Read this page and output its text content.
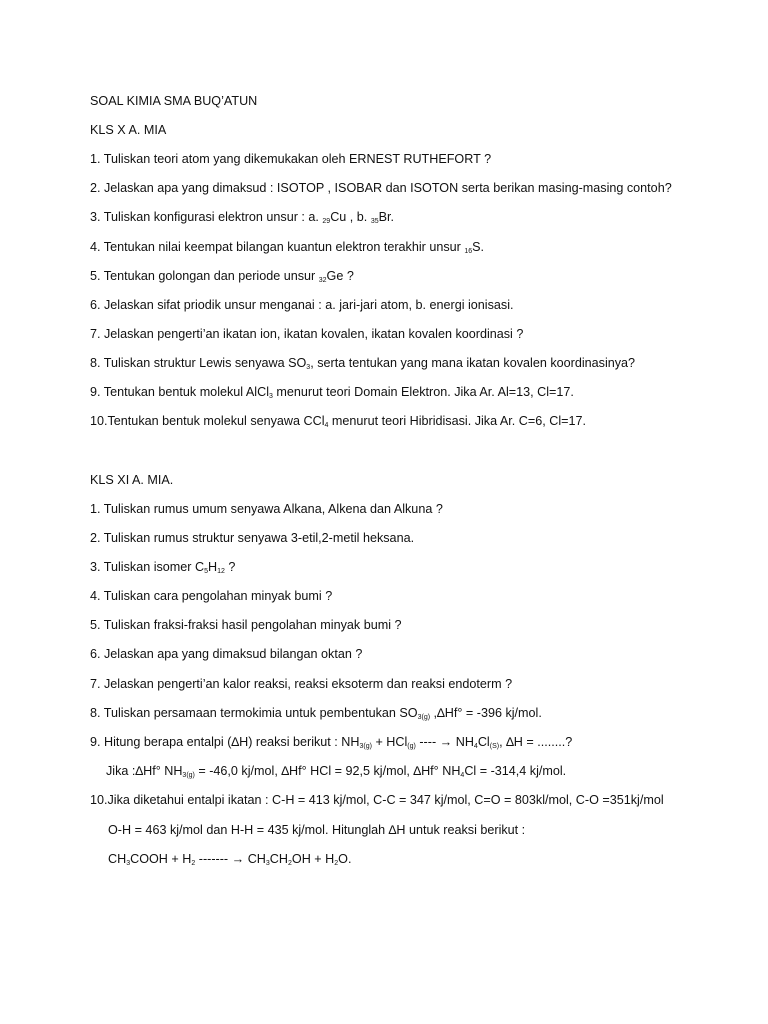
SOAL KIMIA SMA BUQ’ATUN
KLS X A. MIA
1. Tuliskan teori atom yang dikemukakan oleh ERNEST RUTHEFORT ?
2. Jelaskan apa yang dimaksud : ISOTOP , ISOBAR dan ISOTON serta berikan masing-masing contoh?
3. Tuliskan konfigurasi elektron unsur : a. $_{29}$Cu , b. $_{35}$Br.
4. Tentukan nilai keempat bilangan kuantun elektron terakhir unsur $_{16}$S.
5. Tentukan golongan dan periode unsur $_{32}$Ge ?
6. Jelaskan sifat priodik unsur menganai : a. jari-jari atom, b. energi ionisasi.
7. Jelaskan pengerti’an ikatan ion, ikatan kovalen, ikatan kovalen koordinasi ?
8. Tuliskan struktur Lewis senyawa $SO_3$, serta tentukan yang mana ikatan kovalen koordinasinya?
9. Tentukan bentuk molekul AlCl$_3$ menurut teori Domain Elektron. Jika Ar. Al=13, Cl=17.
10.Tentukan bentuk molekul senyawa CCl$_4$ menurut teori Hibridisasi. Jika Ar. C=6, Cl=17.
KLS XI A. MIA.
1. Tuliskan rumus umum senyawa Alkana, Alkena dan Alkuna ?
2. Tuliskan rumus struktur senyawa 3-etil,2-metil heksana.
3. Tuliskan isomer $C_5H_{12}$ ?
4. Tuliskan cara pengolahan minyak bumi ?
5. Tuliskan fraksi-fraksi hasil pengolahan minyak bumi ?
6. Jelaskan apa yang dimaksud bilangan oktan ?
7. Jelaskan pengerti’an kalor reaksi, reaksi eksoterm dan reaksi endoterm ?
8. Tuliskan persamaan termokimia untuk pembentukan $SO_{3(g)}$ ,∆Hf° = -396 kj/mol.
9. Hitung berapa entalpi (∆H) reaksi berikut : $NH_{3(g)} + HCl_{(g)}$ ---- → $NH_4Cl_{(S)}$, ∆H = ........?
Jika :∆Hf° $NH_{3(g)} = -46,0$ kj/mol, ∆Hf° HCl = 92,5 kj/mol, ∆Hf° $NH_4Cl = -314,4$ kj/mol.
10.Jika diketahui entalpi ikatan : C-H = 413 kj/mol, C-C = 347 kj/mol, C=O = 803kl/mol, C-O =351kj/mol
O-H = 463 kj/mol dan H-H = 435 kj/mol. Hitunglah ∆H untuk reaksi berikut :
$CH_3COOH + H_2$ ------- → $CH_3CH_2OH + H_2O$.
